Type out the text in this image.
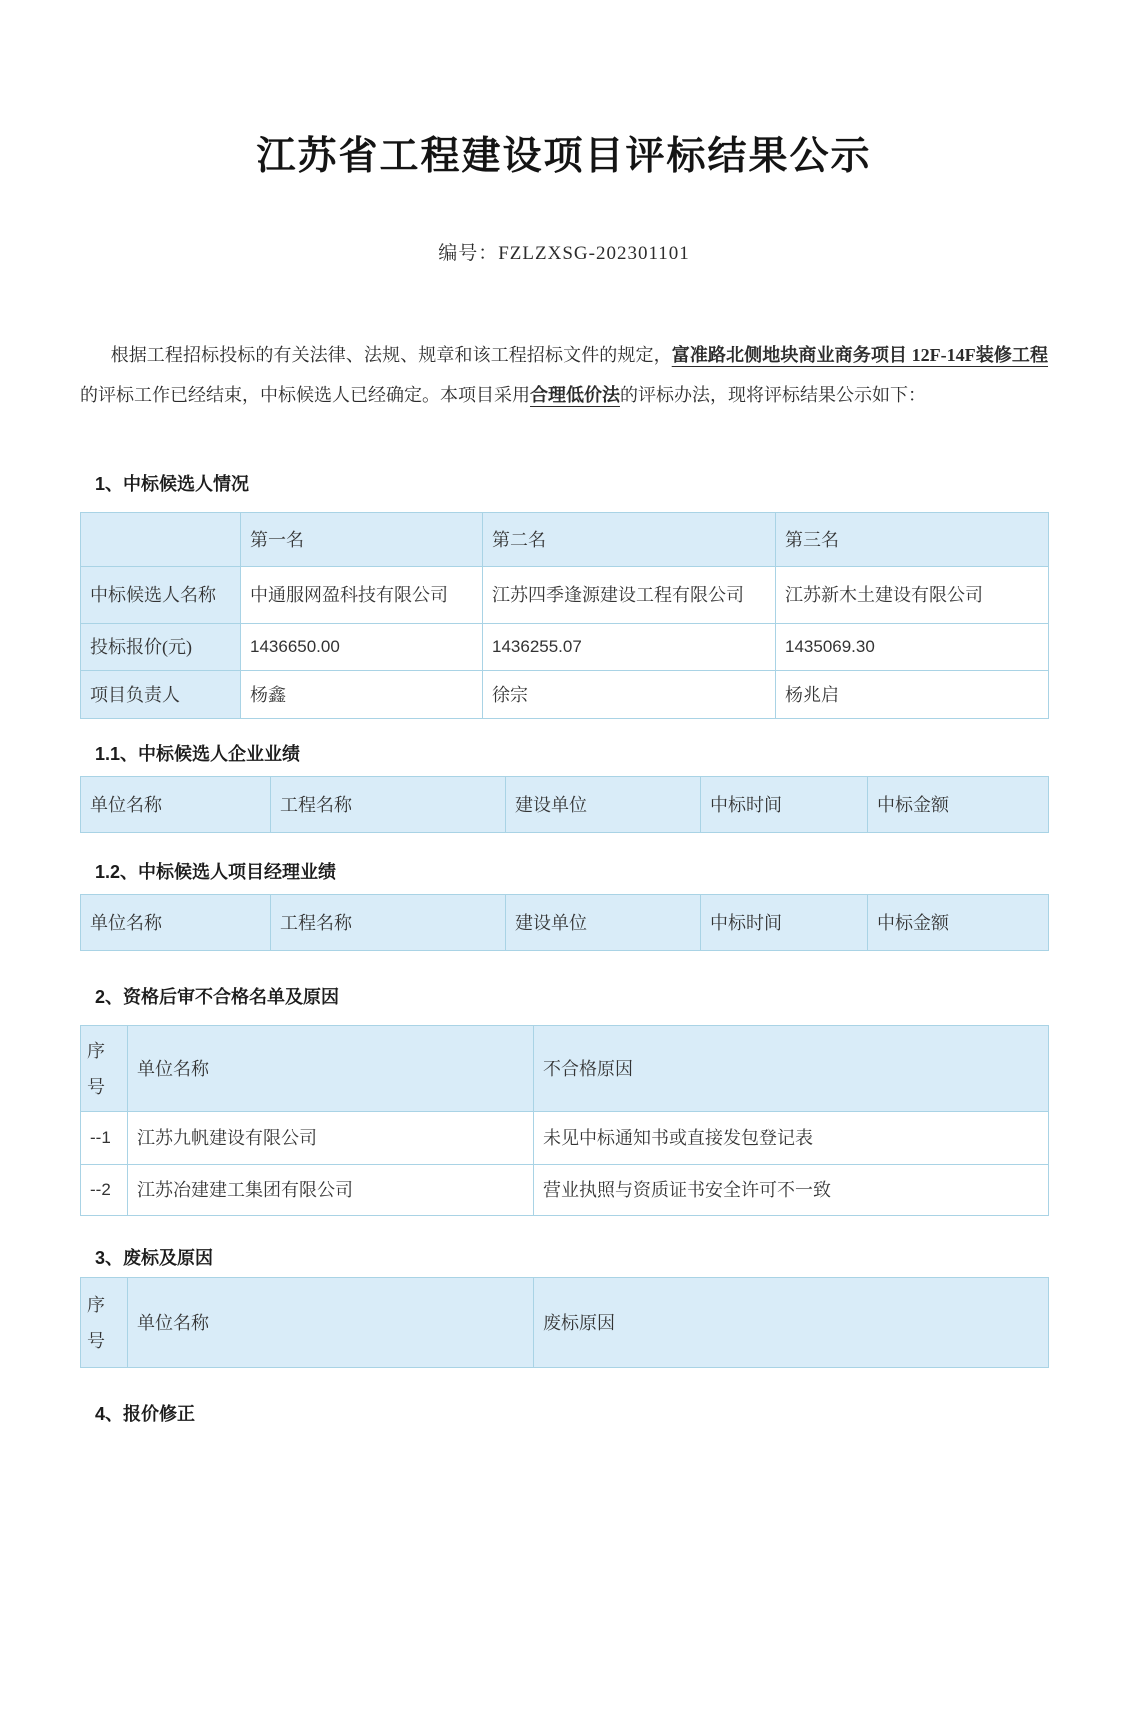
江苏省工程建设项目评标结果公示
编号：FZLZXSG-202301101

根据工程招标投标的有关法律、法规、规章和该工程招标文件的规定，富准路北侧地块商业商务项目 12F-14F装修工程的评标工作已经结束，中标候选人已经确定。本项目采用合理低价法的评标办法，现将评标结果公示如下：

1、中标候选人情况
	第一名	第二名	第三名
中标候选人名称	中通服网盈科技有限公司	江苏四季逢源建设工程有限公司	江苏新木土建设有限公司
投标报价(元)	1436650.00	1436255.07	1435069.30
项目负责人	杨鑫	徐宗	杨兆启
1.1、中标候选人企业业绩
单位名称	工程名称	建设单位	中标时间	中标金额
1.2、中标候选人项目经理业绩
单位名称	工程名称	建设单位	中标时间	中标金额
2、资格后审不合格名单及原因
序号	单位名称	不合格原因
--1	江苏九帆建设有限公司	未见中标通知书或直接发包登记表
--2	江苏冶建建工集团有限公司	营业执照与资质证书安全许可不一致
3、废标及原因
序号	单位名称	废标原因
4、报价修正
